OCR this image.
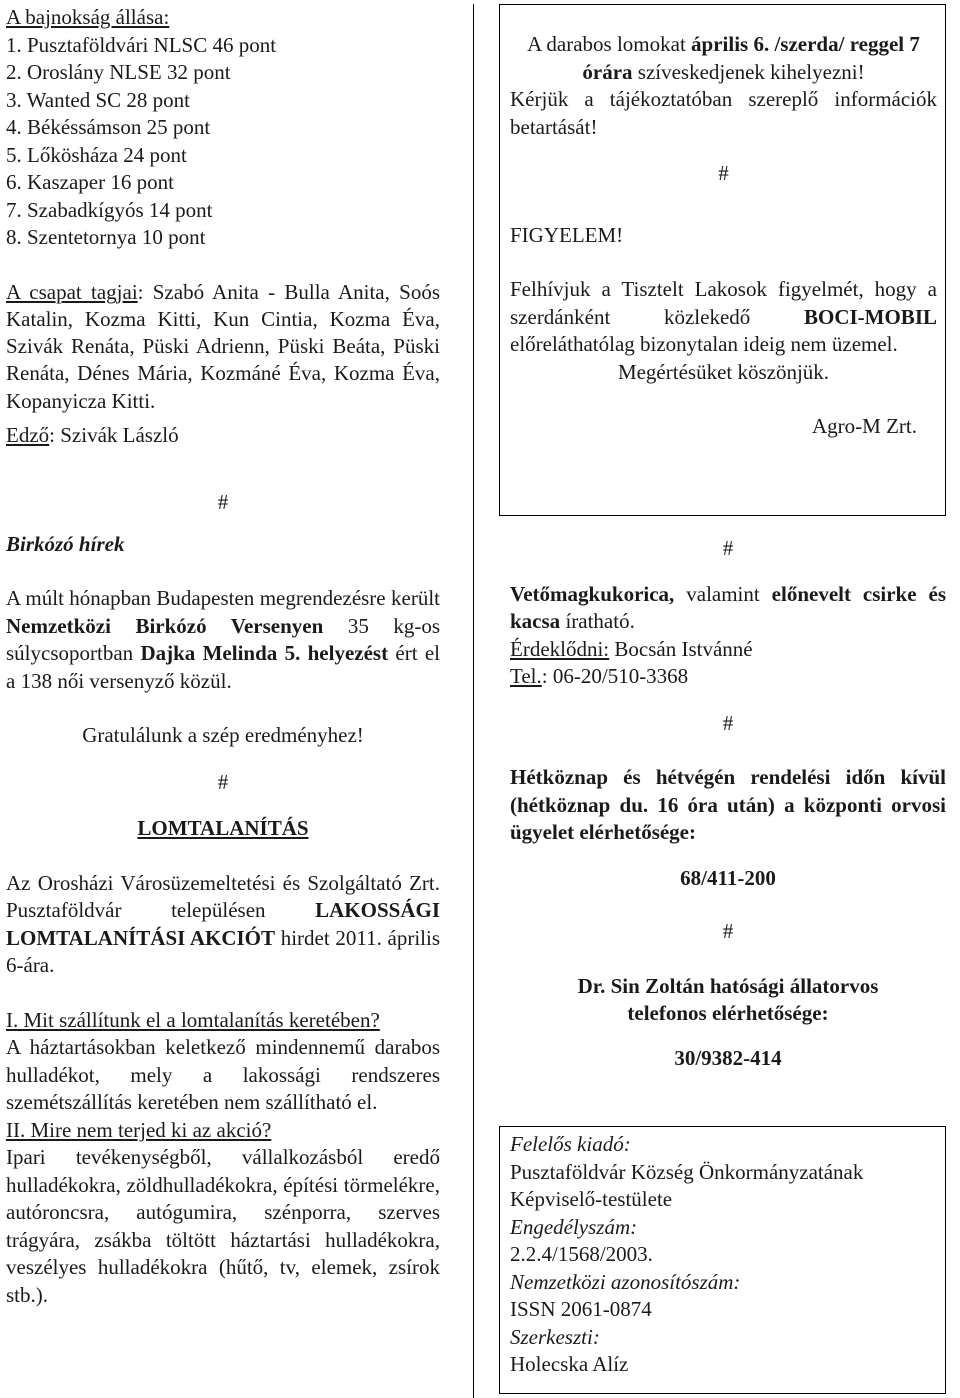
A bajnokság állása:

1. Pusztaföldvári NLSC 46 pont

2. Oroslány NLSE 32 pont

3. Wanted SC 28 pont

4. Békéssámson 25 pont

5. Lőkösháza 24 pont

6. Kaszaper 16 pont

7. Szabadkígyós 14 pont

8. Szentetornya 10 pont

A csapat tagjai: Szabó Anita - Bulla Anita, Soós Katalin, Kozma Kitti, Kun Cintia, Kozma Éva, Szivák Renáta, Püski Adrienn, Püski Beáta, Püski Renáta, Dénes Mária, Kozmáné Éva, Kozma Éva, Kopanyicza Kitti.

Edző: Szivák László

#

Birkózó hírek

A múlt hónapban Budapesten megrendezésre került Nemzetközi Birkózó Versenyen 35 kg-os súlycsoportban Dajka Melinda 5. helyezést ért el a 138 női versenyző közül.

Gratulálunk a szép eredményhez!

#

LOMTALANÍTÁS

Az Orosházi Városüzemeltetési és Szolgáltató Zrt. Pusztaföldvár településen LAKOSSÁGI LOMTALANÍTÁSI AKCIÓT hirdet 2011. április 6-ára.

I. Mit szállítunk el a lomtalanítás keretében?

A háztartásokban keletkező mindennemű darabos hulladékot, mely a lakossági rendszeres szemétszállítás keretében nem szállítható el.

II. Mire nem terjed ki az akció?

Ipari tevékenységből, vállalkozásból eredő hulladékokra, zöldhulladékokra, építési törmelékre, autóroncsra, autógumira, szénporra, szerves trágyára, zsákba töltött háztartási hulladékokra, veszélyes hulladékokra (hűtő, tv, elemek, zsírok stb.).

A darabos lomokat április 6. /szerda/ reggel 7 órára szíveskedjenek kihelyezni!

Kérjük a tájékoztatóban szereplő információk betartását!

#

FIGYELEM!

Felhívjuk a Tisztelt Lakosok figyelmét, hogy a szerdánként közlekedő	BOCI-MOBIL előreláthatólag bizonytalan ideig nem üzemel.

Megértésüket köszönjük.

Agro-M Zrt.

#

Vetőmagkukorica, valamint előnevelt csirke és kacsa íratható.

Érdeklődni: Bocsán Istvánné

Tel.: 06-20/510-3368

#

Hétköznap és hétvégén rendelési időn kívül (hétköznap du. 16 óra után) a központi orvosi ügyelet elérhetősége:

68/411-200

#

Dr. Sin Zoltán hatósági állatorvos telefonos elérhetősége:

30/9382-414

Felelős kiadó:

Pusztaföldvár Község Önkormányzatának Képviselő-testülete

Engedélyszám:

2.2.4/1568/2003.

Nemzetközi azonosítószám:

ISSN 2061-0874

Szerkeszti:

Holecska Alíz
